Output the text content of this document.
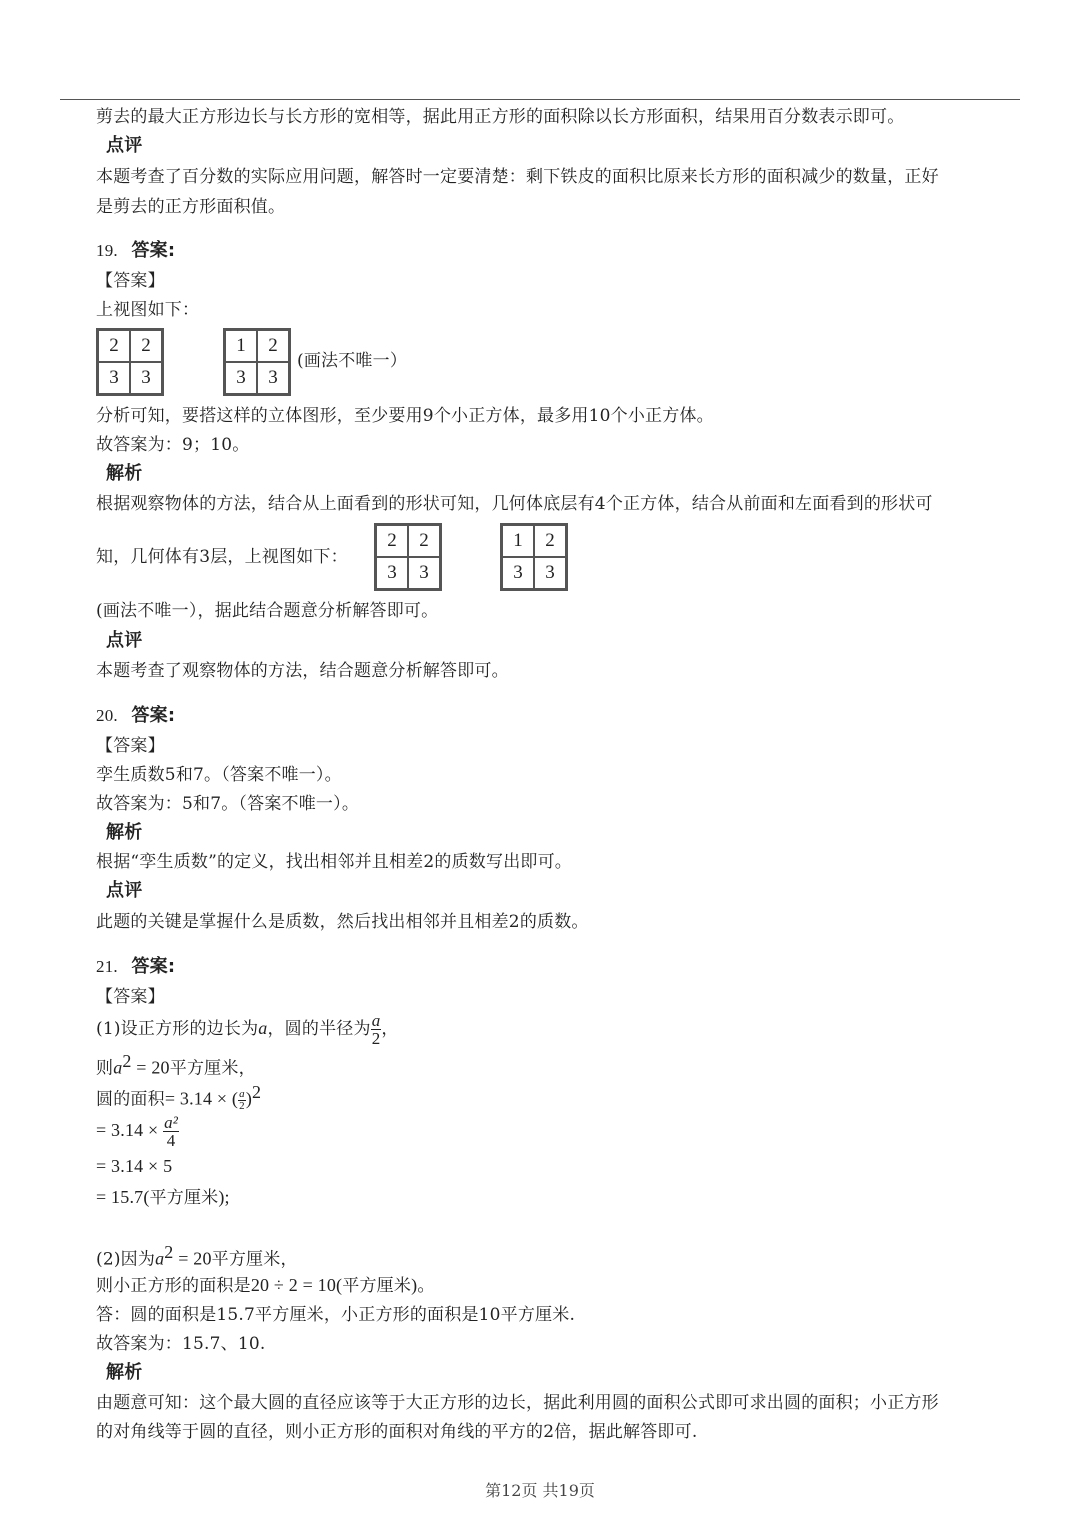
剪去的最大正方形边长与长方形的宽相等，据此用正方形的面积除以长方形面积，结果用百分数表示即可。
点评
本题考查了百分数的实际应用问题，解答时一定要清楚：剩下铁皮的面积比原来长方形的面积减少的数量，正好
是剪去的正方形面积值。
19. 答案:
【答案】
上视图如下：
2	2
3	3
1	2
3	3
(画法不唯一）
分析可知，要搭这样的立体图形，至少要用9个小正方体，最多用10个小正方体。
故答案为：9；10。
解析
根据观察物体的方法，结合从上面看到的形状可知，几何体底层有4个正方体，结合从前面和左面看到的形状可
知，几何体有3层，上视图如下：
2	2
3	3
1	2
3	3
(画法不唯一），据此结合题意分析解答即可。
点评
本题考查了观察物体的方法，结合题意分析解答即可。
20. 答案:
【答案】
孪生质数5和7。（答案不唯一）。
故答案为：5和7。（答案不唯一）。
解析
根据“孪生质数”的定义，找出相邻并且相差2的质数写出即可。
点评
此题的关键是掌握什么是质数，然后找出相邻并且相差2的质数。
21. 答案:
【答案】
(1)设正方形的边长为a，圆的半径为 $\frac{a}{2}$ ，
则$a^2 = 20$平方厘米，
圆的面积= 3.14 × ( $\frac{a}{2} )^2$
= $3.14 \times \frac{\text{a²}}{4}$
= 3.14 × 5
= 15.7(平方厘米);
(2)因为$a^2 = 20$平方厘米，
则小正方形的面积是20 ÷ 2 = 10(平方厘米)。
答：圆的面积是15.7平方厘米，小正方形的面积是10平方厘米.
故答案为：15.7、10.
解析
由题意可知：这个最大圆的直径应该等于大正方形的边长，据此利用圆的面积公式即可求出圆的面积；小正方形
的对角线等于圆的直径，则小正方形的面积对角线的平方的2倍，据此解答即可.
第12页 共19页
